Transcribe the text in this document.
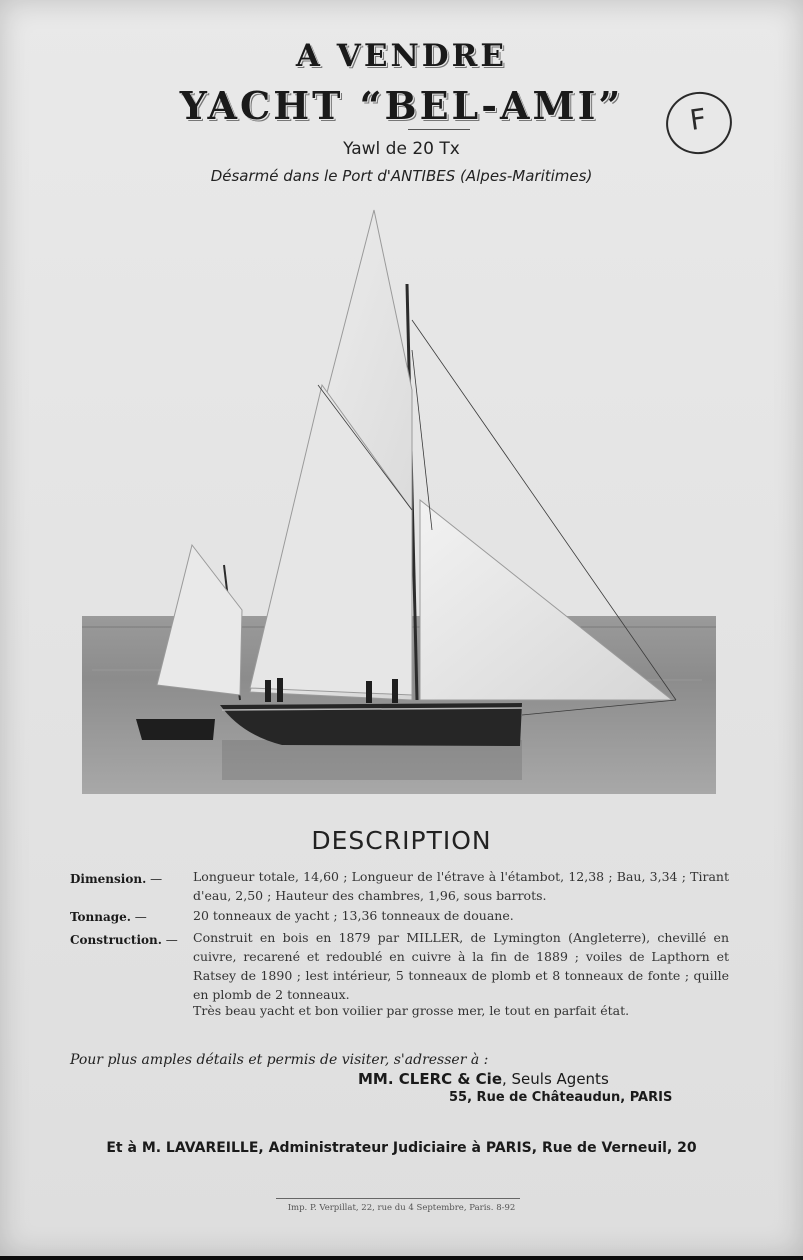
A VENDRE
YACHT “BEL-AMI”
Yawl de 20 Tx
Désarmé dans le Port d'ANTIBES (Alpes-Maritimes)
F
DESCRIPTION
Dimension. — Longueur totale, 14,60 ; Longueur de l'étrave à l'étambot, 12,38 ; Bau, 3,34 ; Tirant d'eau, 2,50 ; Hauteur des chambres, 1,96, sous barrots.
Tonnage. —	20 tonneaux de yacht ; 13,36 tonneaux de douane.
Construction. — Construit en bois en 1879 par MILLER, de Lymington (Angleterre), chevillé en cuivre, recarené et redoublé en cuivre à la fin de 1889 ; voiles de Lapthorn et Ratsey de 1890 ; lest intérieur, 5 tonneaux de plomb et 8 tonneaux de fonte ; quille en plomb de 2 tonneaux.
Très beau yacht et bon voilier par grosse mer, le tout en parfait état.
Pour plus amples détails et permis de visiter, s'adresser à :
MM. CLERC & Cie, Seuls Agents
55, Rue de Châteaudun, PARIS
Et à M. LAVAREILLE, Administrateur Judiciaire à PARIS, Rue de Verneuil, 20
Imp. P. Verpillat, 22, rue du 4 Septembre, Paris. 8-92
